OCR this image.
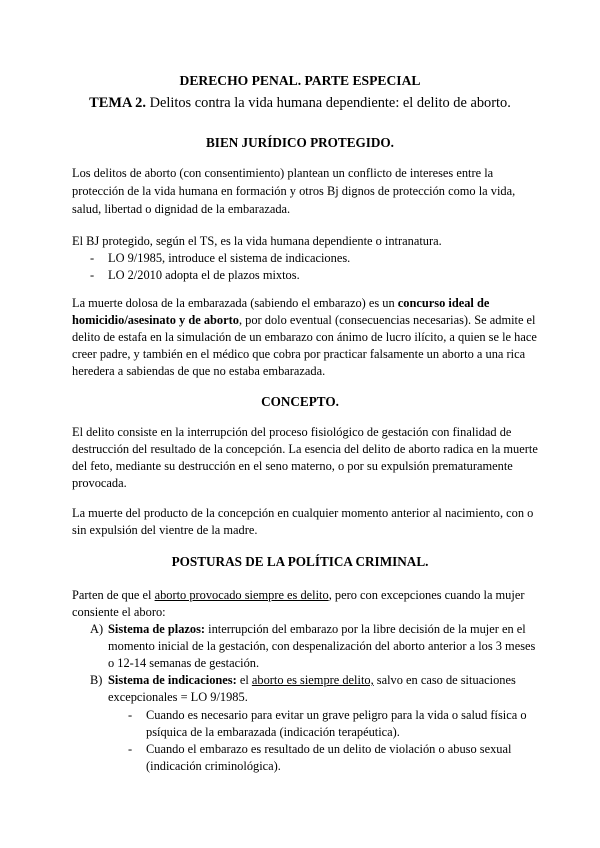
DERECHO PENAL. PARTE ESPECIAL
TEMA 2. Delitos contra la vida humana dependiente: el delito de aborto.
BIEN JURÍDICO PROTEGIDO.
Los delitos de aborto (con consentimiento) plantean un conflicto de intereses entre la
protección de la vida humana en formación y otros Bj dignos de protección como la vida,
salud, libertad o dignidad de la embarazada.
El BJ protegido, según el TS, es la vida humana dependiente o intranatura.
- LO 9/1985, introduce el sistema de indicaciones.
- LO 2/2010 adopta el de plazos mixtos.
La muerte dolosa de la embarazada (sabiendo el embarazo) es un concurso ideal de
homicidio/asesinato y de aborto, por dolo eventual (consecuencias necesarias). Se admite el
delito de estafa en la simulación de un embarazo con ánimo de lucro ilícito, a quien se le hace
creer padre, y también en el médico que cobra por practicar falsamente un aborto a una rica
heredera a sabiendas de que no estaba embarazada.
CONCEPTO.
El delito consiste en la interrupción del proceso fisiológico de gestación con finalidad de
destrucción del resultado de la concepción. La esencia del delito de aborto radica en la muerte
del feto, mediante su destrucción en el seno materno, o por su expulsión prematuramente
provocada.
La muerte del producto de la concepción en cualquier momento anterior al nacimiento, con o
sin expulsión del vientre de la madre.
POSTURAS DE LA POLÍTICA CRIMINAL.
Parten de que el aborto provocado siempre es delito, pero con excepciones cuando la mujer
consiente el aboro:
A) Sistema de plazos: interrupción del embarazo por la libre decisión de la mujer en el
momento inicial de la gestación, con despenalización del aborto anterior a los 3 meses
o 12-14 semanas de gestación.
B) Sistema de indicaciones: el aborto es siempre delito, salvo en caso de situaciones
excepcionales = LO 9/1985.
- Cuando es necesario para evitar un grave peligro para la vida o salud física o
psíquica de la embarazada (indicación terapéutica).
- Cuando el embarazo es resultado de un delito de violación o abuso sexual
(indicación criminológica).
